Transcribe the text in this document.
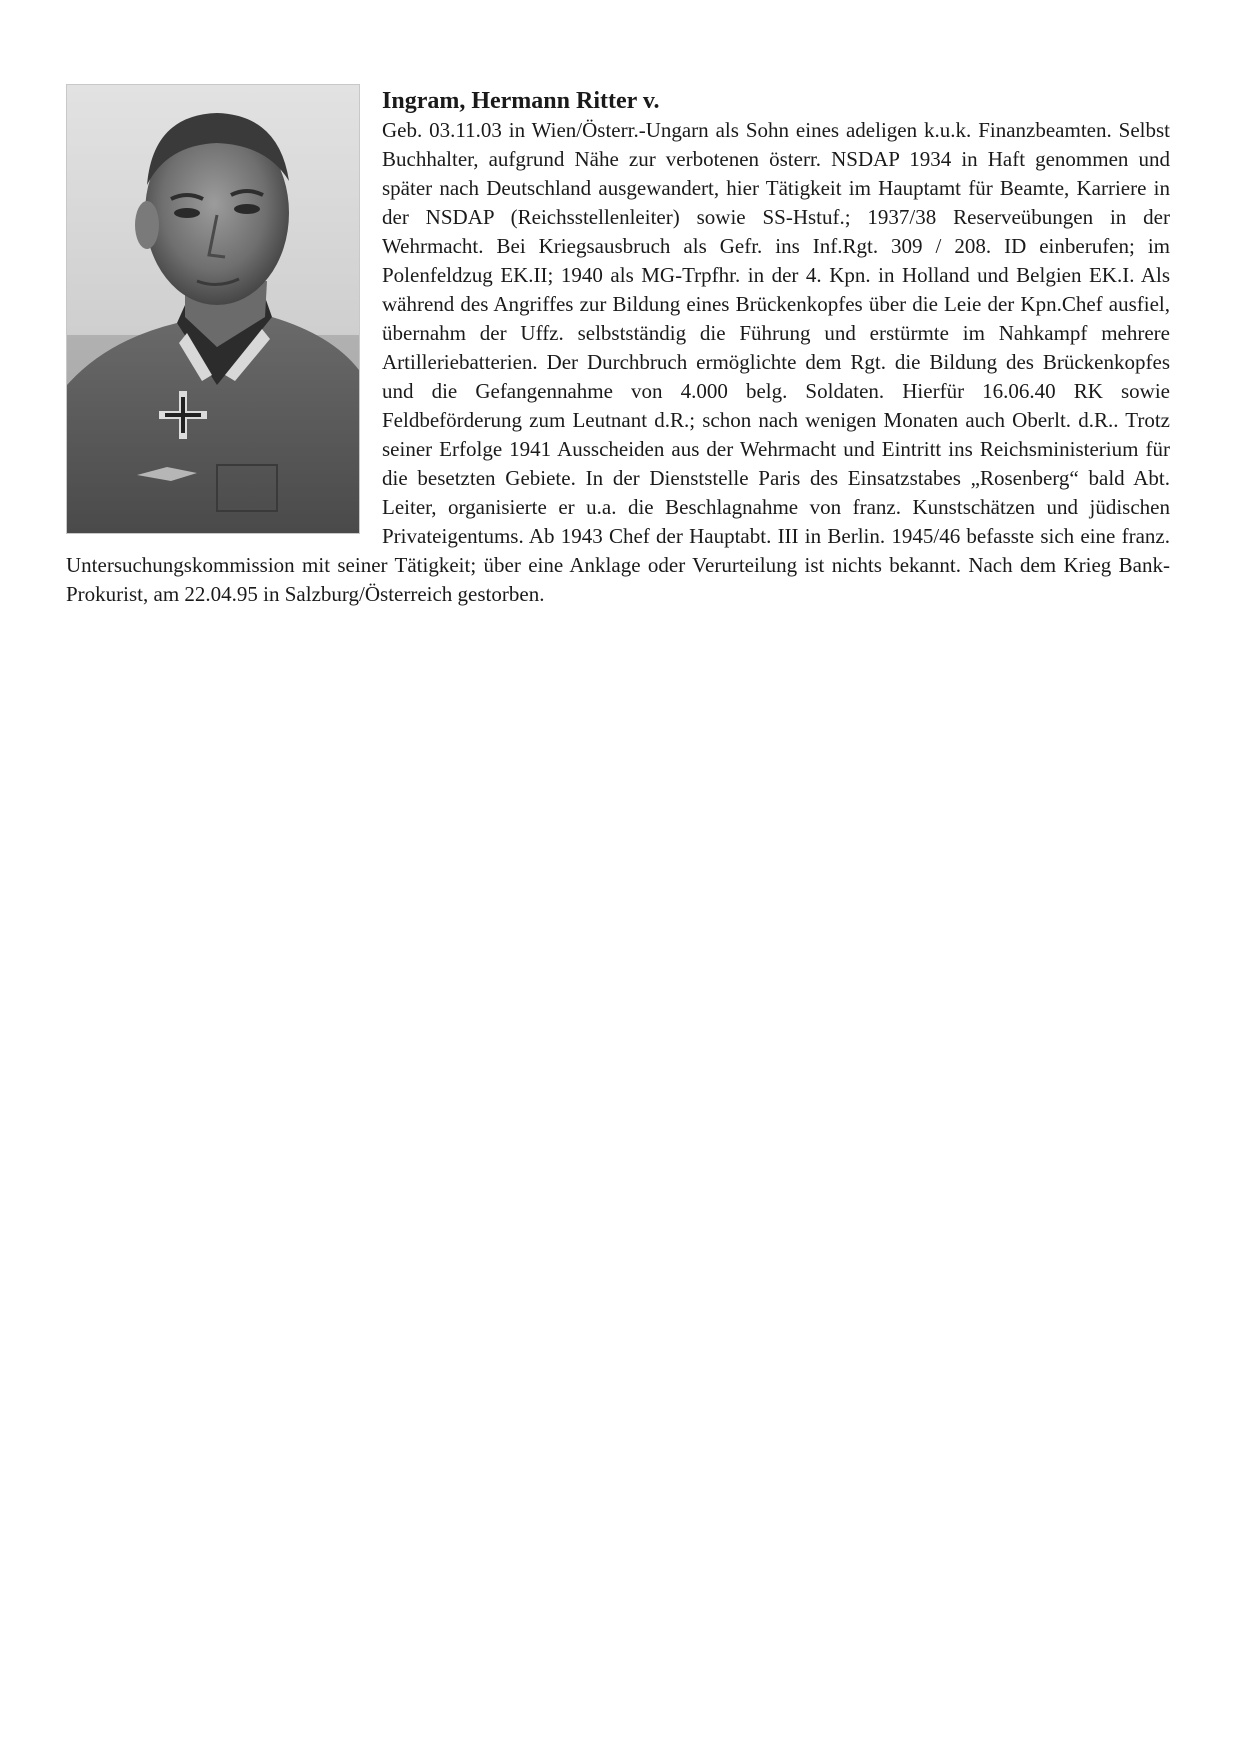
Ingram, Hermann Ritter v.

Geb. 03.11.03 in Wien/Österr.-Ungarn als Sohn eines adeligen k.u.k. Finanzbeamten. Selbst Buchhalter, aufgrund Nähe zur verbotenen österr. NSDAP 1934 in Haft genommen und später nach Deutschland ausgewandert, hier Tätigkeit im Hauptamt für Beamte, Karriere in der NSDAP (Reichsstellenleiter) sowie SS-Hstuf.; 1937/38 Reserveübungen in der Wehrmacht. Bei Kriegsausbruch als Gefr. ins Inf.Rgt. 309 / 208. ID einberufen; im Polenfeldzug EK.II; 1940 als MG-Trpfhr. in der 4. Kpn. in Holland und Belgien EK.I. Als während des Angriffes zur Bildung eines Brückenkopfes über die Leie der Kpn.Chef ausfiel, übernahm der Uffz. selbstständig die Führung und erstürmte im Nahkampf mehrere Artilleriebatterien. Der Durchbruch ermöglichte dem Rgt. die Bildung des Brückenkopfes und die Gefangennahme von 4.000 belg. Soldaten. Hierfür 16.06.40 RK sowie Feldbeförderung zum Leutnant d.R.; schon nach wenigen Monaten auch Oberlt. d.R.. Trotz seiner Erfolge 1941 Ausscheiden aus der Wehrmacht und Eintritt ins Reichsministerium für die besetzten Gebiete. In der Dienststelle Paris des Einsatzstabes „Rosenberg“ bald Abt. Leiter, organisierte er u.a. die Beschlagnahme von franz. Kunstschätzen und jüdischen Privateigentums. Ab 1943 Chef der Hauptabt. III in Berlin. 1945/46 befasste sich eine franz. Untersuchungskommission mit seiner Tätigkeit; über eine Anklage oder Verurteilung ist nichts bekannt. Nach dem Krieg Bank-Prokurist, am 22.04.95 in Salzburg/Österreich gestorben.
